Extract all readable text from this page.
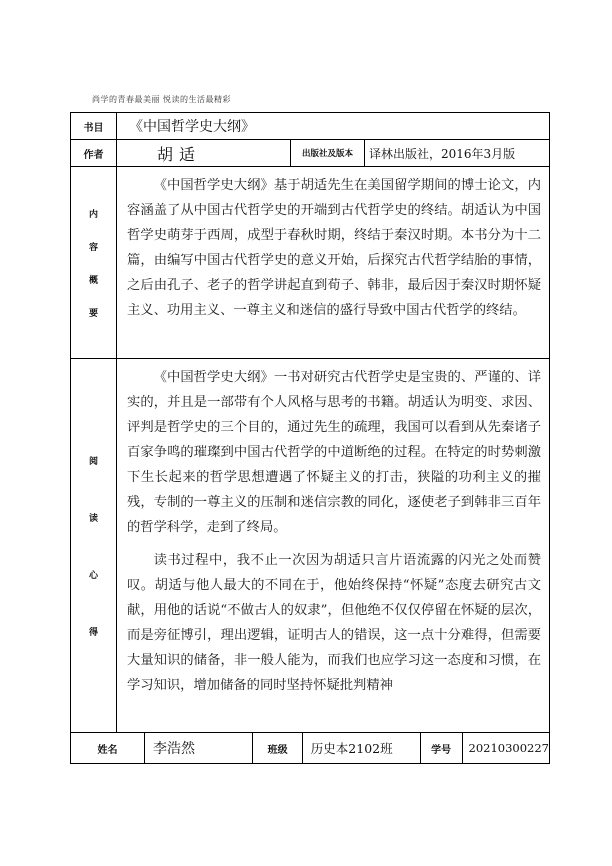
尚学的青春最美丽 悦读的生活最精彩
书目	《中国哲学史大纲》
作者	胡适	出版社及版本	译林出版社，2016年3月版
内
容
概
要

《中国哲学史大纲》基于胡适先生在美国留学期间的博士论文，内容涵盖了从中国古代哲学史的开端到古代哲学史的终结。胡适认为中国哲学史萌芽于西周，成型于春秋时期，终结于秦汉时期。本书分为十二篇，由编写中国古代哲学史的意义开始，后探究古代哲学结胎的事情，之后由孔子、老子的哲学讲起直到荀子、韩非，最后因于秦汉时期怀疑主义、功用主义、一尊主义和迷信的盛行导致中国古代哲学的终结。

阅
读
心
得

《中国哲学史大纲》一书对研究古代哲学史是宝贵的、严谨的、详实的，并且是一部带有个人风格与思考的书籍。胡适认为明变、求因、评判是哲学史的三个目的，通过先生的疏理，我国可以看到从先秦诸子百家争鸣的璀璨到中国古代哲学的中道断绝的过程。在特定的时势刺激下生长起来的哲学思想遭遇了怀疑主义的打击，狭隘的功利主义的摧残，专制的一尊主义的压制和迷信宗教的同化，逐使老子到韩非三百年的哲学科学，走到了终局。

读书过程中，我不止一次因为胡适只言片语流露的闪光之处而赞叹。胡适与他人最大的不同在于，他始终保持“怀疑”态度去研究古文献，用他的话说“不做古人的奴隶”，但他绝不仅仅停留在怀疑的层次，而是旁征博引，理出逻辑，证明古人的错误，这一点十分难得，但需要大量知识的储备，非一般人能为，而我们也应学习这一态度和习惯，在学习知识，增加储备的同时坚持怀疑批判精神

姓名	李浩然	班级	历史本2102班	学号	20210300227
